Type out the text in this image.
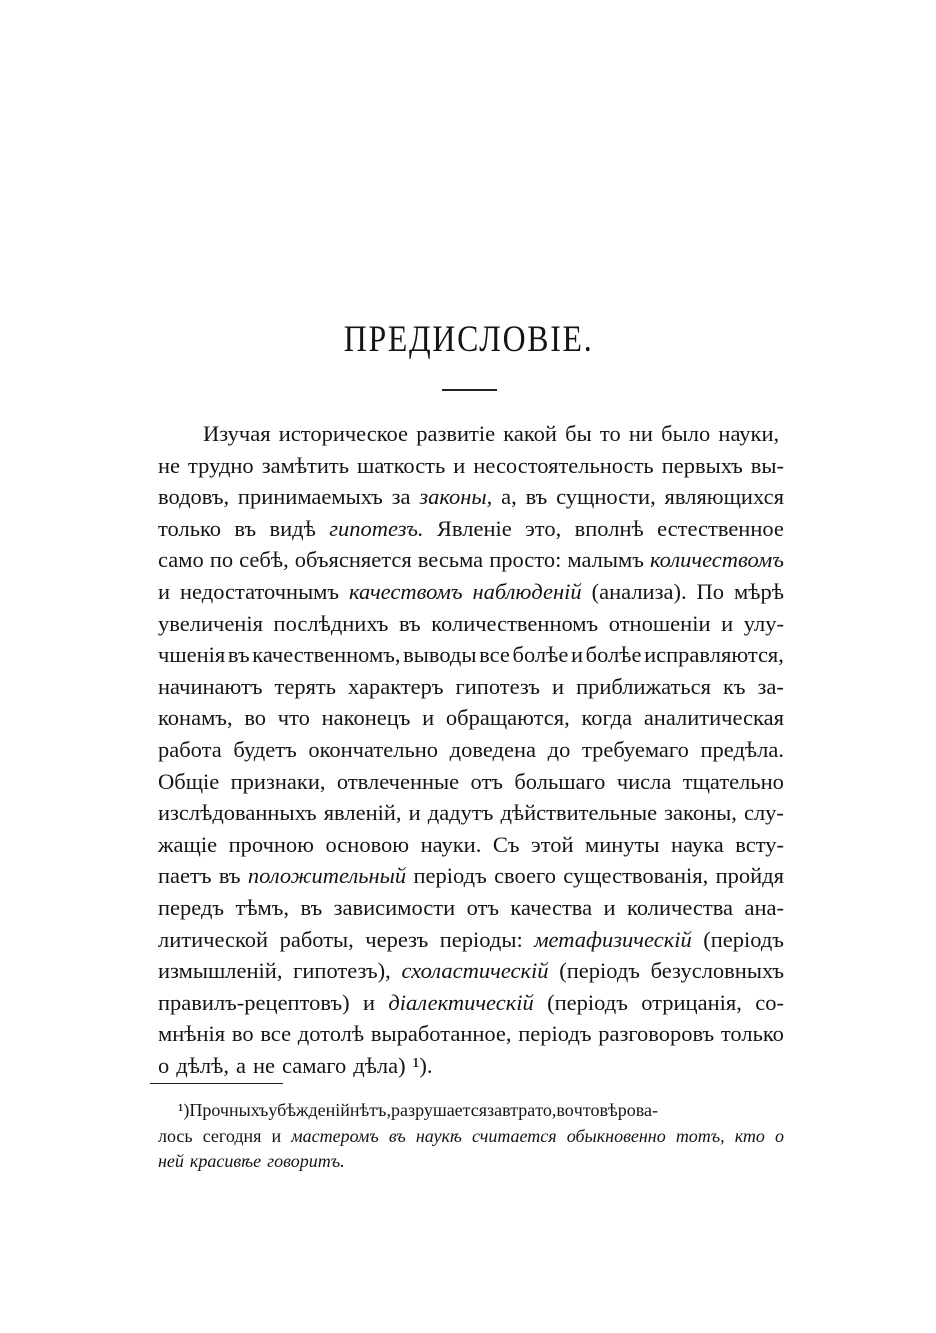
ПРЕДИСЛОВІЕ.
Изучая историческое развитіе какой бы то ни было науки,
не трудно замѣтить шаткость и несостоятельность первыхъ вы-
водовъ, принимаемыхъ за законы, а, въ сущности, являющихся
только въ видѣ гипотезъ. Явленіе это, вполнѣ естественное
само по себѣ, объясняется весьма просто: малымъ количествомъ
и недостаточнымъ качествомъ наблюденій (анализа). По мѣрѣ
увеличенія послѣднихъ въ количественномъ отношеніи и улу-
чшенія въ качественномъ, выводы все болѣе и болѣе исправляются,
начинаютъ терять характеръ гипотезъ и приближаться къ за-
конамъ, во что наконецъ и обращаются, когда аналитическая
работа будетъ окончательно доведена до требуемаго предѣла.
Общіе признаки, отвлеченные отъ большаго числа тщательно
изслѣдованныхъ явленій, и дадутъ дѣйствительные законы, слу-
жащіе прочною основою науки. Съ этой минуты наука всту-
паетъ въ положительный періодъ своего существованія, пройдя
передъ тѣмъ, въ зависимости отъ качества и количества ана-
литической работы, черезъ періоды: метафизическій (періодъ
измышленій, гипотезъ), схоластическій (періодъ безусловныхъ
правилъ-рецептовъ) и діалектическій (періодъ отрицанія, со-
мнѣнія во все дотолѣ выработанное, періодъ разговоровъ только
о дѣлѣ, а не самаго дѣла) ¹).
¹) Прочныхъ убѣжденій нѣтъ, разрушается завтра то, во что вѣрова-
лось сегодня и мастеромъ въ наукѣ считается обыкновенно тотъ, кто о
ней красивѣе говоритъ.
